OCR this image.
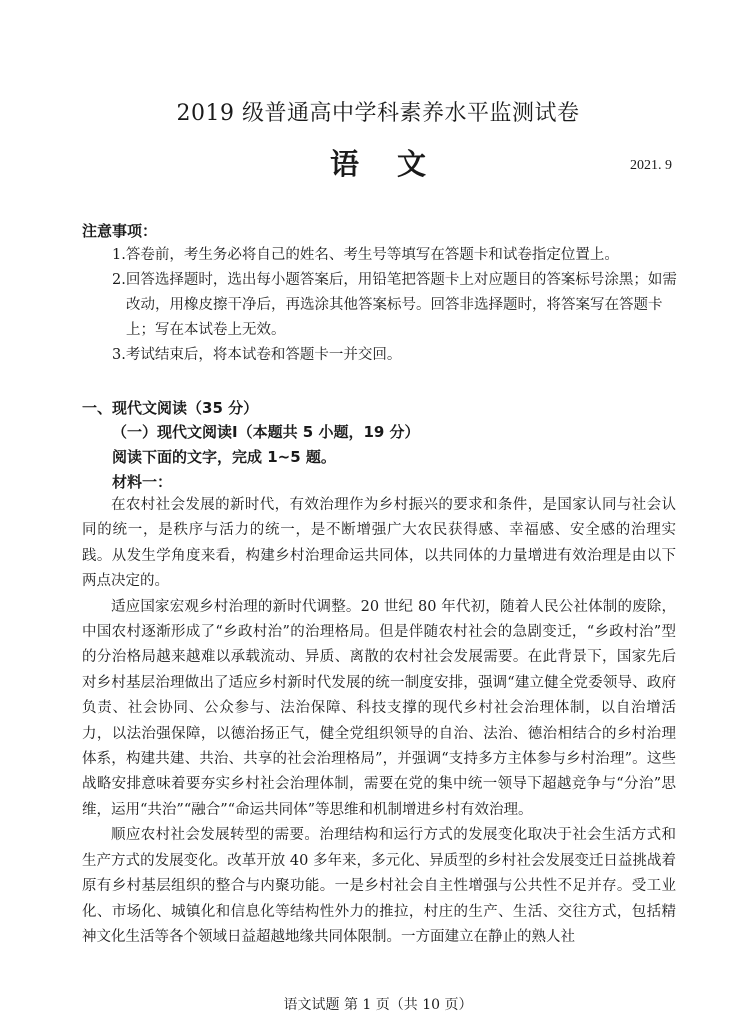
2019 级普通高中学科素养水平监测试卷
语文	2021. 9
注意事项：
1.答卷前，考生务必将自己的姓名、考生号等填写在答题卡和试卷指定位置上。
2.回答选择题时，选出每小题答案后，用铅笔把答题卡上对应题目的答案标号涂黑；如需改动，用橡皮擦干净后，再选涂其他答案标号。回答非选择题时，将答案写在答题卡上；写在本试卷上无效。
3.考试结束后，将本试卷和答题卡一并交回。
一、现代文阅读（35 分）
（一）现代文阅读Ⅰ（本题共 5 小题，19 分）
阅读下面的文字，完成 1~5 题。
材料一：

在农村社会发展的新时代，有效治理作为乡村振兴的要求和条件，是国家认同与社会认同的统一，是秩序与活力的统一，是不断增强广大农民获得感、幸福感、安全感的治理实践。从发生学角度来看，构建乡村治理命运共同体，以共同体的力量增进有效治理是由以下两点决定的。

适应国家宏观乡村治理的新时代调整。20 世纪 80 年代初，随着人民公社体制的废除，中国农村逐渐形成了“乡政村治”的治理格局。但是伴随农村社会的急剧变迁，“乡政村治”型的分治格局越来越难以承载流动、异质、离散的农村社会发展需要。在此背景下，国家先后对乡村基层治理做出了适应乡村新时代发展的统一制度安排，强调“建立健全党委领导、政府负责、社会协同、公众参与、法治保障、科技支撑的现代乡村社会治理体制，以自治增活力，以法治强保障，以德治扬正气，健全党组织领导的自治、法治、德治相结合的乡村治理体系，构建共建、共治、共享的社会治理格局”，并强调“支持多方主体参与乡村治理”。这些战略安排意味着要夯实乡村社会治理体制，需要在党的集中统一领导下超越竞争与“分治”思维，运用“共治”“融合”“命运共同体”等思维和机制增进乡村有效治理。

顺应农村社会发展转型的需要。治理结构和运行方式的发展变化取决于社会生活方式和生产方式的发展变化。改革开放 40 多年来，多元化、异质型的乡村社会发展变迁日益挑战着原有乡村基层组织的整合与内聚功能。一是乡村社会自主性增强与公共性不足并存。受工业化、市场化、城镇化和信息化等结构性外力的推拉，村庄的生产、生活、交往方式，包括精神文化生活等各个领域日益超越地缘共同体限制。一方面建立在静止的熟人社

语文试题 第 1 页（共 10 页）
